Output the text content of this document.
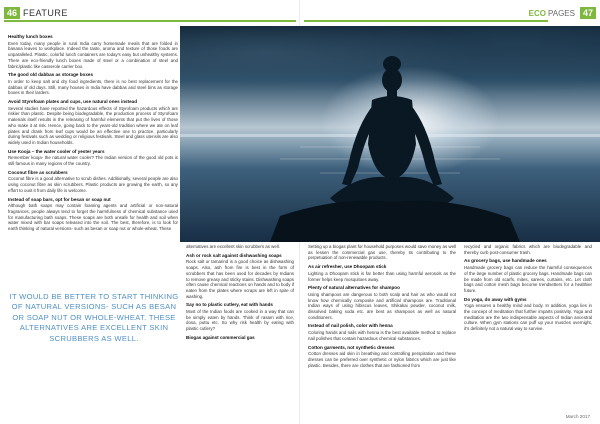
46 FEATURE
Healthy lunch boxes

Even today, many people in rural India carry homemade meals that are folded in banana leaves to workplace. Indeed the taste, aroma and texture of those foods are unparalleled. Plastic, colorful lunch containers are today's easy but unhealthy systems. There are eco-friendly lunch boxes made of steel or a combination of steel and fabric/plastic like casserole carrier box.

The good old dabbas as storage boxes

In order to keep salt and dry food ingredients, there is no best replacement for the dabbas of old days. Still, many houses in India have dabbas and steel bins as storage boxes in their larders.

Avoid Styrofoam plates and cups, use natural ones instead

Several studies have reported the hazardous effects of Styrofoam products which are riskier than plastic. Despite being biodegradable, the production process of Styrofoam materials itself results in the releasing of harmful elements that put the lives of those who make it at risk. Hence, going back to the years-old tradition where we ate on leaf plates and drank from leaf cups would be an effective one to practice, particularly during festivals such as wedding or religious festivals. Steel and glass utensils are also widely used in Indian households.

Use Kooja – the water cooler of yester years

Remember kooja- the natural water cooler? The Indian version of the good old pots is still famous in many regions of the country.

Coconut fibre as scrubbers

Coconut fibre is a good alternative to scrub dishes. Additionally, several people are also using coconut fibre as skin scrubbers. Plastic products are growing the earth, so any effort to oust it from daily life is welcome.

Instead of soap bars, opt for besan or soap nut

Although bath soaps may contain foaming agents and artificial or non-natural fragrances, people always tend to forget the harmfulness of chemical substance used for manufacturing bath soaps. These soaps are both unsafe for health and soil when water mixed with bar soaps released into the soil. The best, therefore, is to look for earth thinking of natural versions- such as besan or soap nut or whole-wheat. These

IT WOULD BE BETTER TO START THINKING OF NATURAL VERSIONS- SUCH AS BESAN OR SOAP NUT OR WHOLE-WHEAT. THESE ALTERNATIVES ARE EXCELLENT SKIN SCRUBBERS AS WELL.

alternatives are excellent skin scrubbers as well.

Ash or rock salt against dishwashing soaps

Rock salt or tamarind is a good choice as dishwashing soaps. Also, ash from fire is best in the form of scrubbers that has been used for decades by Indians to remove greasy and sticky stains. Dishwashing soaps often cause chemical reactions on hands and to body if eaten from the plates where scraps are left in spite of washing.

Say no to plastic cutlery, eat with hands

Most of the Indian foods are cooked in a way that can be simply eaten by hands. Think of rasam with rice, dosa, puttu etc. So why risk health by eating with plastic cutlery?

Biogas against commercial gas
ECO PAGES 47

Setting up a biogas plant for household purposes would save money as well as lessen the commercial gas use, thereby its contributing to the perpetuation of non-renewable products.

As air refresher, use Dhoopam stick

Lighting a Dhoopam stick is far better than using harmful aerosols as the former helps keep mosquitoes away.

Plenty of natural alternatives for shampoo

Using shampoos are dangerous to both scalp and hair as who would not know how chemically composite and artificial shampoos are. Traditional Indian ways of using hibiscus leaves, Shikakai powder, coconut milk, dissolved baking soda etc. are best as shampoos as well as natural conditioners.

Instead of nail polish, color with henna

Coloring hands and nails with henna is the best available method to replace nail polishes that contain hazardous chemical substances.

Cotton garments, not synthetic dresses

Cotton dresses aid skin in breathing and controlling perspiration and these dresses can be preferred over synthetic or nylon fabrics which are just like plastic. Besides, there are clothes that are fashioned from

recycled and organic fabrics which are biodegradable and thereby curb post-consumer trash.

As grocery bags, use handmade ones

Handmade grocery bags can reduce the harmful consequences of the large number of plastic grocery bags. Handmade bags can be made from old scarfs, mites, sarees, curtains, etc. Let cloth bags and cotton mesh bags become trendsetters for a healthier future.

Do yoga, do away with gyms

Yoga ensures a healthy mind and body. In addition, yoga lies in the concept of meditation that further imparts positivity. Yoga and meditation are the two indispensable aspects of Indian ancestral culture. When gym stations can puff up your muscles overnight, it's definitely not a natural way to survive.

March 2017
